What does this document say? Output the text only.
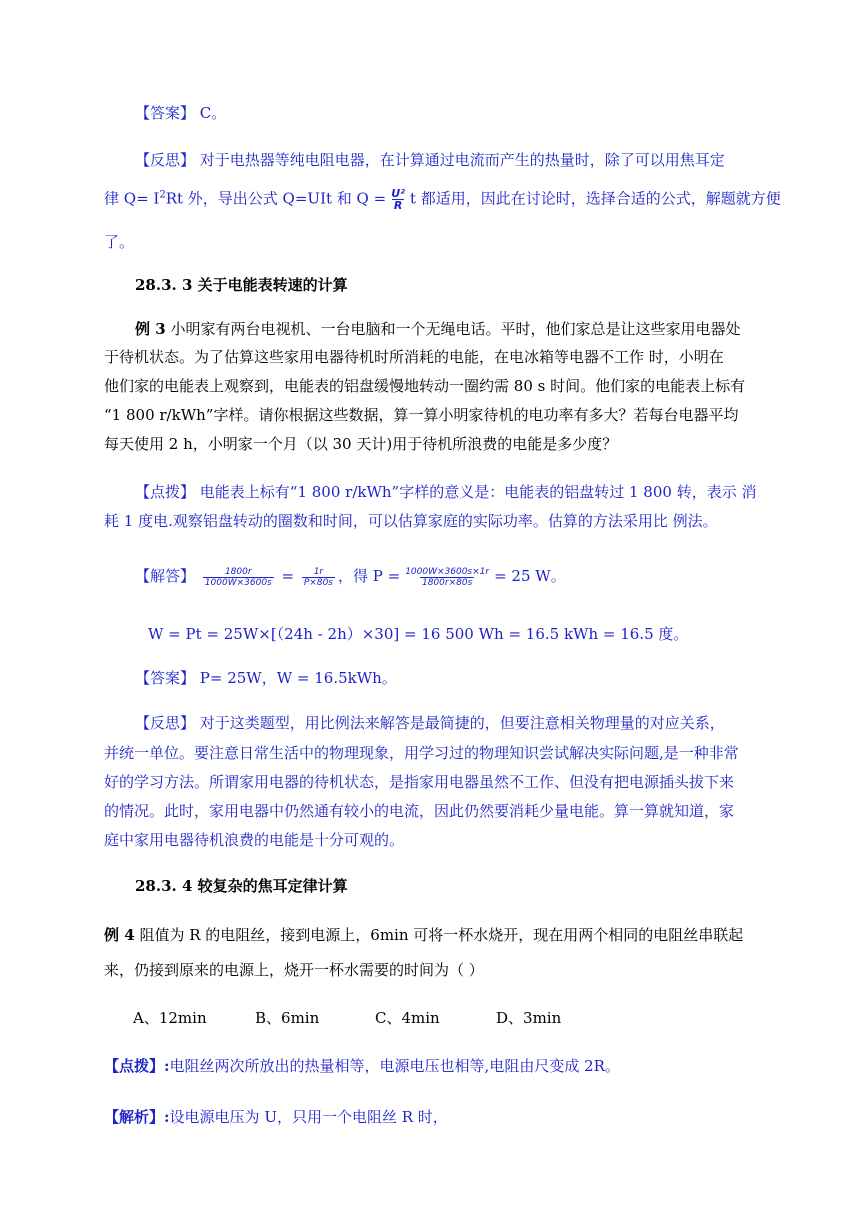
【答案】 C。
【反思】 对于电热器等纯电阻电器，在计算通过电流而产生的热量时，除了可以用焦耳定
律 $Q= I^2Rt$ 外，导出公式 Q=UIt 和 $Q = \frac{\text{U²}}{R}$ t 都适用，因此在讨论时，选择合适的公式，解题就方便
了。
28.3. 3 关于电能表转速的计算
例 3 小明家有两台电视机、一台电脑和一个无绳电话。平时，他们家总是让这些家用电器处
于待机状态。为了估算这些家用电器待机时所消耗的电能，在电冰箱等电器不工作 时，小明在
他们家的电能表上观察到，电能表的铝盘缓慢地转动一圈约需 80 s 时间。他们家的电能表上标有
“1 800 r/kWh”字样。请你根据这些数据，算一算小明家待机的电功率有多大？若每台电器平均
每天使用 2 h，小明家一个月（以 30 天计)用于待机所浪费的电能是多少度？
【点拨】 电能表上标有“1 800 r/kWh”字样的意义是：电能表的铝盘转过 1 800 转，表示 消
耗 1 度电.观察铝盘转动的圈数和时间，可以估算家庭的实际功率。估算的方法采用比 例法。
【解答】 $\frac{1800r}{1000W\times 3600s} = \frac{1r}{P\times 80s}$ ，得 $P = \frac{1000W\times 3600s\times 1r}{1800r\times 80s} = 25$ W。
W = Pt = 25W×[（24h - 2h）×30] = 16 500 Wh = 16.5 kWh = 16.5 度。
【答案】 P= 25W，W = 16.5kWh。
【反思】 对于这类题型，用比例法来解答是最简捷的，但要注意相关物理量的对应关系，
并统一单位。要注意日常生活中的物理现象，用学习过的物理知识尝试解决实际问题,是一种非常
好的学习方法。所谓家用电器的待机状态，是指家用电器虽然不工作、但没有把电源插头拔下来
的情况。此时，家用电器中仍然通有较小的电流，因此仍然要消耗少量电能。算一算就知道，家
庭中家用电器待机浪费的电能是十分可观的。
28.3. 4 较复杂的焦耳定律计算
例 4 阻值为 R 的电阻丝，接到电源上，6min 可将一杯水烧开，现在用两个相同的电阻丝串联起
来，仍接到原来的电源上，烧开一杯水需要的时间为（ ）
A、12min	B、6min	C、4min	D、3min
【点拨】:电阻丝两次所放出的热量相等，电源电压也相等,电阻由尺变成 2R。
【解析】:设电源电压为 U，只用一个电阻丝 R 时，
